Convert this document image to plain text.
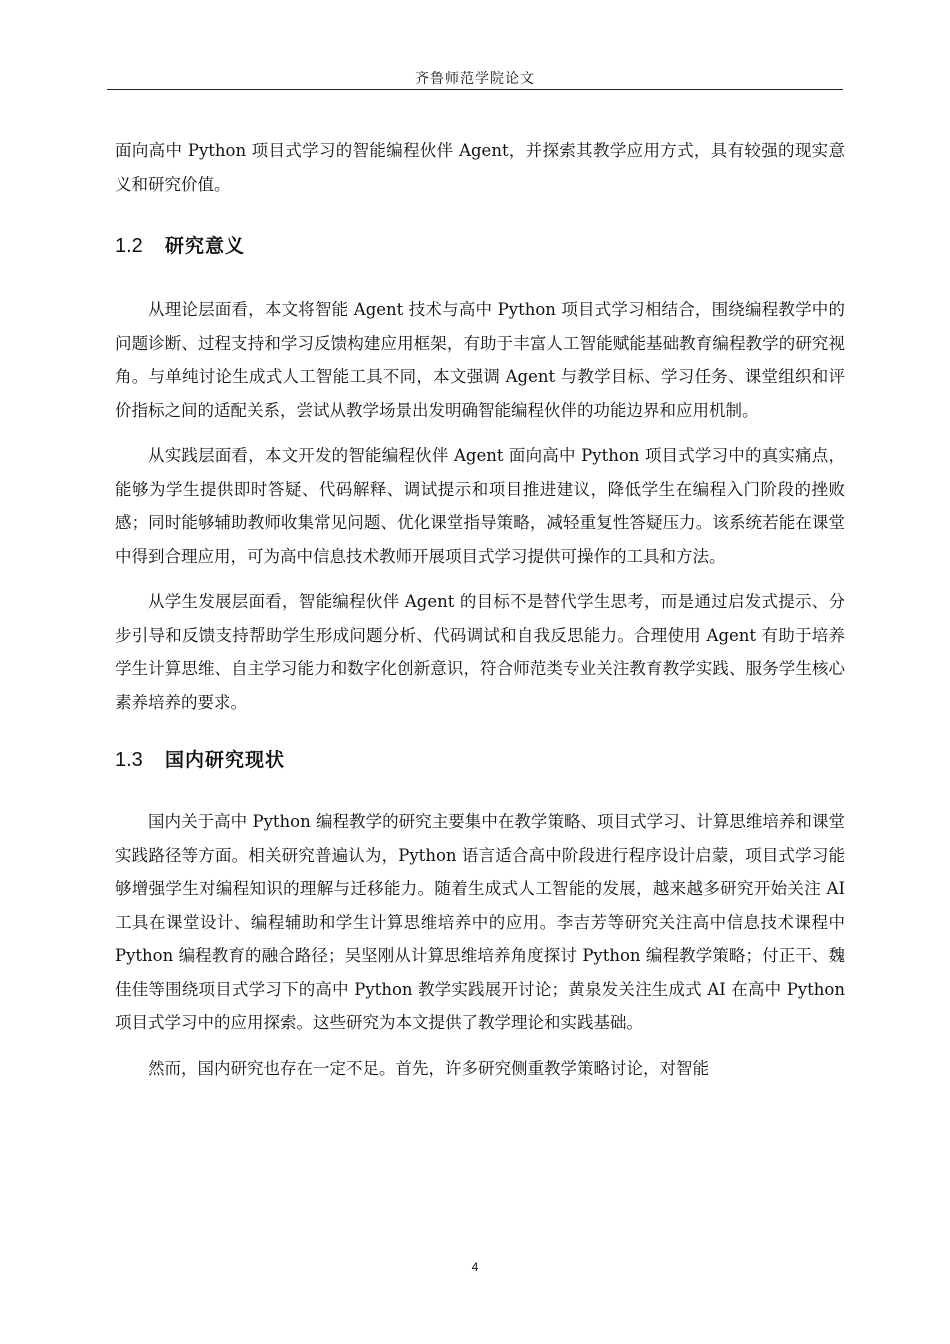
齐鲁师范学院论文

面向高中 Python 项目式学习的智能编程伙伴 Agent，并探索其教学应用方式，具有较强的现实意义和研究价值。

1.2	研究意义

从理论层面看，本文将智能 Agent 技术与高中 Python 项目式学习相结合，围绕编程教学中的问题诊断、过程支持和学习反馈构建应用框架，有助于丰富人工智能赋能基础教育编程教学的研究视角。与单纯讨论生成式人工智能工具不同，本文强调 Agent 与教学目标、学习任务、课堂组织和评价指标之间的适配关系，尝试从教学场景出发明确智能编程伙伴的功能边界和应用机制。

从实践层面看，本文开发的智能编程伙伴 Agent 面向高中 Python 项目式学习中的真实痛点，能够为学生提供即时答疑、代码解释、调试提示和项目推进建议，降低学生在编程入门阶段的挫败感；同时能够辅助教师收集常见问题、优化课堂指导策略，减轻重复性答疑压力。该系统若能在课堂中得到合理应用，可为高中信息技术教师开展项目式学习提供可操作的工具和方法。

从学生发展层面看，智能编程伙伴 Agent 的目标不是替代学生思考，而是通过启发式提示、分步引导和反馈支持帮助学生形成问题分析、代码调试和自我反思能力。合理使用 Agent 有助于培养学生计算思维、自主学习能力和数字化创新意识，符合师范类专业关注教育教学实践、服务学生核心素养培养的要求。

1.3	国内研究现状

国内关于高中 Python 编程教学的研究主要集中在教学策略、项目式学习、计算思维培养和课堂实践路径等方面。相关研究普遍认为，Python 语言适合高中阶段进行程序设计启蒙，项目式学习能够增强学生对编程知识的理解与迁移能力。随着生成式人工智能的发展，越来越多研究开始关注 AI 工具在课堂设计、编程辅助和学生计算思维培养中的应用。李吉芳等研究关注高中信息技术课程中 Python 编程教育的融合路径；吴坚刚从计算思维培养角度探讨 Python 编程教学策略；付正干、魏佳佳等围绕项目式学习下的高中 Python 教学实践展开讨论；黄泉发关注生成式 AI 在高中 Python 项目式学习中的应用探索。这些研究为本文提供了教学理论和实践基础。

然而，国内研究也存在一定不足。首先，许多研究侧重教学策略讨论，对智能

4
